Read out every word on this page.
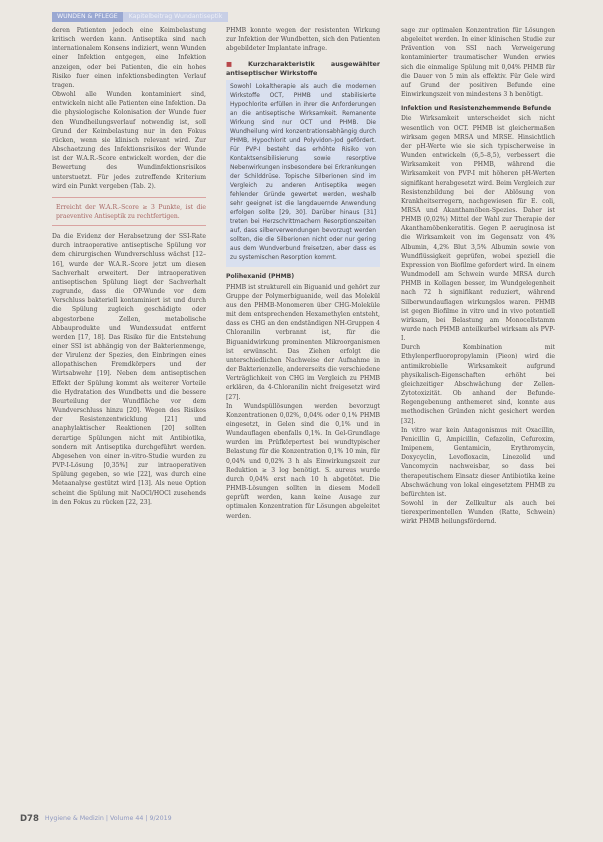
WUNDEN & PFLEGE	Kapitelbeitrag Wundantiseptik
deren Patienten jedoch eine Keimbelastung kritisch werden kann. Antiseptika sind nach internationalem Konsens indiziert, wenn Wunden einer Infektion entgegen, eine Infektion anzeigen, oder bei Patienten, die ein hohes Risiko fuer einen infektionsbedingten Verlauf tragen.
Obwohl alle Wunden kontaminiert sind, entwickeln nicht alle Patienten eine Infektion. Da die physiologische Kolonisation der Wunde fuer den Wundheilungsverlauf notwendig ist, soll Grund der Keimbelastung nur in den Fokus rücken, wenn sie klinisch relevant wird. Zur Abschaetzung des Infektionsrisikos der Wunde ist der W.A.R.-Score entwickelt worden, der die Bewertung des Wundinfektionsrisikos unterstuetzt. Für jedes zutreffende Kriterium wird ein Punkt vergeben (Tab. 2).
Erreicht der W.A.R.-Score ≥ 3 Punkte, ist die praeventive Antiseptik zu rechtfertigen.
Da die Evidenz der Herabsetzung der SSI-Rate durch intraoperative antiseptische Spülung vor dem chirurgischen Wundverschluss wächst [12–16], wurde der W.A.R.-Score jetzt um diesen Sachverhalt erweitert. Der intraoperativen antiseptischen Spülung liegt der Sachverhalt zugrunde, dass die OP-Wunde vor dem Verschluss bakteriell kontaminiert ist und durch die Spülung zugleich geschädigte oder abgestorbene Zellen, metabolische Abbauprodukte und Wundexsudat entfernt werden [17, 18]. Das Risiko für die Entstehung einer SSI ist abhängig von der Bakterienmenge, der Virulenz der Spezies, den Einbringen eines allopathischen Fremdkörpers und der Wirtsabwehr [19]. Neben dem antiseptischen Effekt der Spülung kommt als weiterer Vorteile die Hydratation des Wundbetts und die bessere Beurteilung der Wundfläche vor dem Wundverschluss hinzu [20]. Wegen des Risikos der Resistenzentwicklung [21] und anaphylaktischer Reaktionen [20] sollten derartige Spülungen nicht mit Antibiotika, sondern mit Antiseptika durchgeführt werden. Abgesehen von einer in-vitro-Studie wurden zu PVP-I-Lösung [0,35%] zur intraoperativen Spülung gegeben, so wie [22], was durch eine Metaanalyse gestützt wird [13]. Als neue Option scheint die Spülung mit NaOCl/HOCl zusehends in den Fokus zu rücken [22, 23].
PHMB konnte wegen der resistenten Wirkung zur Infektion der Wundbetten, sich den Patienten abgebildeter Implantate infrage.
■ Kurzcharakteristik ausgewählter antiseptischer Wirkstoffe
Sowohl Lokaltherapie als auch die modernen Wirkstoffe OCT, PHMB und stabilisierte Hypochlorite erfüllen in ihrer die Anforderungen an die antiseptische Wirksamkeit. Remanente Wirkung sind nur OCT und PHMB. Die Wundheilung wird konzentrationsabhängig durch PHMB, Hypochlorit und Polyvidon-Jod gefördert. Für PVP-I besteht das erhöhte Risiko von Kontaktsensibilisierung sowie resorptive Nebenwirkungen insbesondere bei Erkrankungen der Schilddrüse. Topische Silberionen sind im Vergleich zu anderen Antiseptika wegen fehlender Gründe gewertet werden, weshalb sehr geeignet ist die langdauernde Anwendung erfolgen sollte [29, 30]. Darüber hinaus [31] treten bei Herzschrittmachern Resorptionszeiten auf, dass silberverwendungen bevorzugt werden sollten, die die Silberionen nicht oder nur gering aus dem Wundverbund freisetzen, aber dass es zu systemischen Resorption kommt.
Polihexanid (PHMB)
PHMB ist strukturell ein Biguanid und gehört zur Gruppe der Polymerbiguanide, weil das Molekül aus den PHMB-Monomeren über CHG-Moleküle mit dem entsprechenden Hexamethylen entsteht, dass es CHG an den endständigen NH-Gruppen 4 Chloranilin verbrannt ist, für die Biguanidwirkung prominenten Mikroorganismen ist erwünscht. Das Ziehen erfolgt die unterschiedlichen Nachweise der Aufnahme in der Bakterienzelle, andererseits die verschiedene Verträglichkeit von CHG im Vergleich zu PHMB erklären, da 4-Chloranilin nicht freigesetzt wird [27].
In Wundspüllösungen werden bevorzugt Konzentrationen 0,02%, 0,04% oder 0,1% PHMB eingesetzt, in Gelen sind die 0,1% und in Wundauflagen ebenfalls 0,1%. In Gel-Grundlage wurden im Prüfkörpertest bei wundtypischer Belastung für die Konzentration 0,1% 10 min, für 0,04% und 0,02% 3 h als Einwirkungszeit zur Reduktion ≥ 3 log benötigt. S. aureus wurde durch 0,04% erst nach 10 h abgetötet. Die PHMB-Lösungen sollten in diesem Modell geprüft werden, kann keine Ausage zur optimalen Konzentration für Lösungen abgeleitet werden.
sage zur optimalen Konzentration für Lösungen abgeleitet werden. In einer klinischen Studie zur Prävention von SSI nach Verweigerung kontaminierter traumatischer Wunden erwies sich die einmalige Spülung mit 0,04% PHMB für die Dauer von 5 min als effektiv. Für Gele wird auf Grund der positiven Befunde eine Einwirkungszeit von mindestens 3 h benötigt.
Infektion und Resistenzhemmende Befunde
Die Wirksamkeit unterscheidet sich nicht wesentlich von OCT. PHMB ist gleichermaßen wirksam gegen MRSA und MRSE. Hinsichtlich der pH-Werte wie sie sich typischerweise in Wunden entwickeln (6,5–8,5), verbessert die Wirksamkeit von PHMB, während die Wirksamkeit von PVP-I mit höheren pH-Werten signifikant herabgesetzt wird. Beim Vergleich zur Resistenzbildung bei der Ablösung von Krankheitserregern, nachgewiesen für E. coli, MRSA und Akanthamöben-Spezies. Daher ist PHMB (0,02%) Mittel der Wahl zur Therapie der Akanthamöbenkeratitis. Gegen P. aeruginosa ist die Wirksamkeit von im Gegensatz von 4% Albumin, 4,2% Blut 3,5% Albumin sowie von Wundflüssigkeit geprüfen, wobei speziell die Expression von Biofilme gefordert wird. In einem Wundmodell am Schwein wurde MRSA durch PHMB in Kollagen besser, im Wundgelegenheit nach 72 h signifikant reduziert, während Silberwundauflagen wirkungslos waren. PHMB ist gegen Biofilme in vitro und in vivo potentiell wirksam, bei Belastung am Monocellstamm wurde nach PHMB anteilkurbel wirksam als PVP-I.
Durch Kombination mit Ethylenperfluoropropylamin (Pieon) wird die antimikrobielle Wirksamkeit aufgrund physikalisch-Eigenschaften erhöht bei gleichzeitiger Abschwächung der Zellen-Zytotoxizität. Ob anhand der Befunde-Regengebenung anthemeret sind, konnte aus methodischen Gründen nicht gesichert werden [32].
In vitro war kein Antagonismus mit Oxacillin, Penicillin G, Ampicillin, Cefazolin, Cefuroxim, Imipenem, Gentamicin, Erythromycin, Doxycyclin, Levofloxacin, Linezolid und Vancomycin nachweisbar, so dass bei therapeutischem Einsatz dieser Antibiotika keine Abschwächung von lokal eingesetztem PHMB zu befürchten ist.
Sowohl in der Zellkultur als auch bei tierexperimentellen Wunden (Ratte, Schwein) wirkt PHMB heilungsfördernd.
D78 Hygiene & Medizin | Volume 44 | 9/2019
